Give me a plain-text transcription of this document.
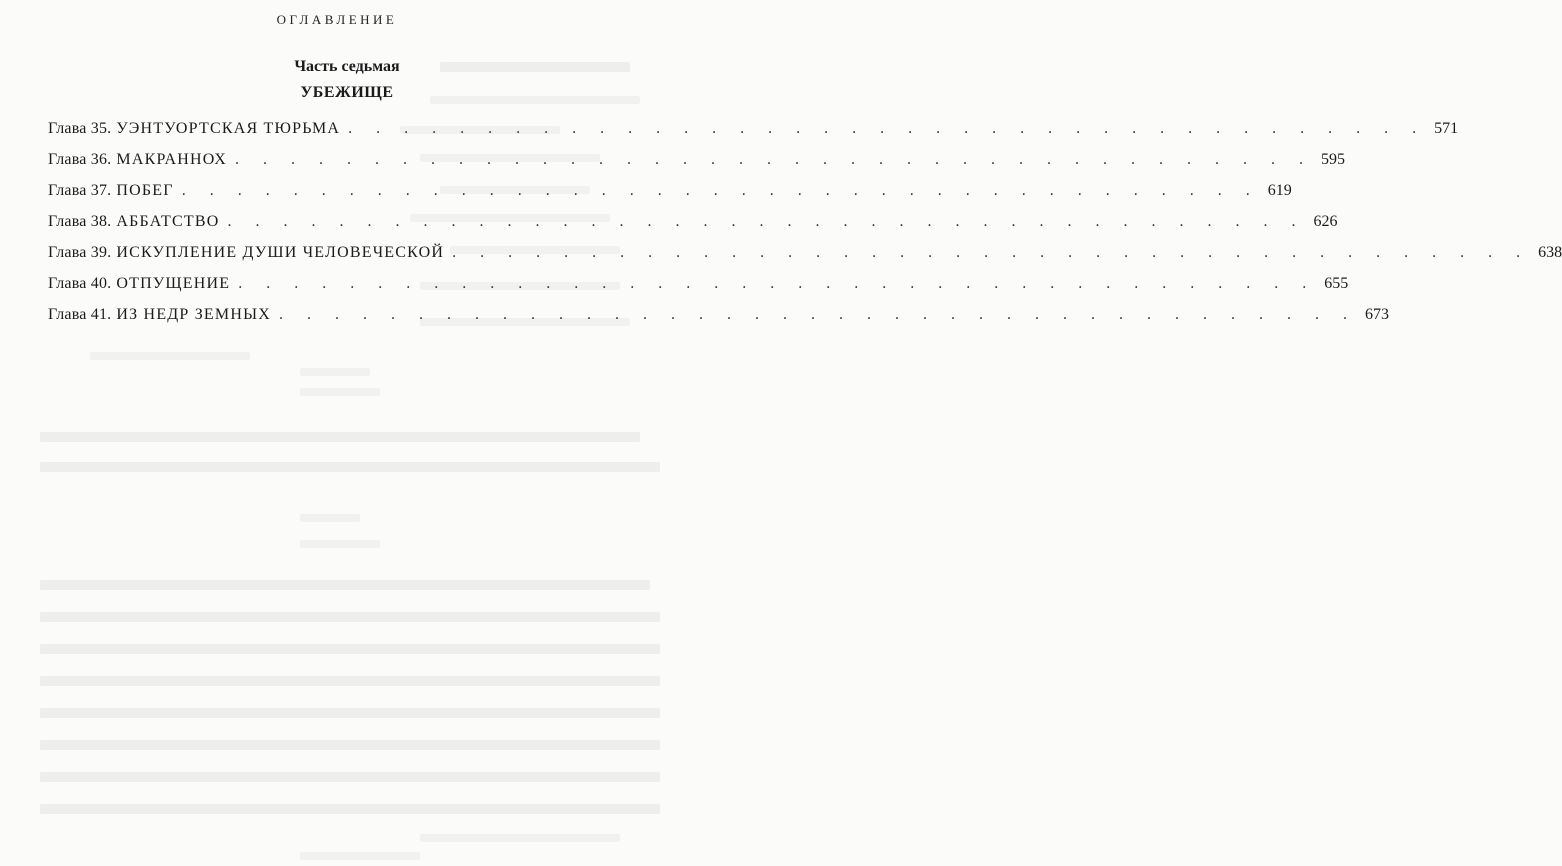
ОГЛАВЛЕНИЕ
Часть седьмая
УБЕЖИЩЕ
Глава 35. УЭНТУОРТСКАЯ ТЮРЬМА . . . . . . . . . . . . . . . . . . . . . . . . . . . . . . . . . . . . . . . 571
Глава 36. МАКРАННОХ . . . . . . . . . . . . . . . . . . . . . . . . . . . . . . . . . . . . . . . 595
Глава 37. ПОБЕГ . . . . . . . . . . . . . . . . . . . . . . . . . . . . . . . . . . . . . . . 619
Глава 38. АББАТСТВО . . . . . . . . . . . . . . . . . . . . . . . . . . . . . . . . . . . . . . . 626
Глава 39. ИСКУПЛЕНИЕ ДУШИ ЧЕЛОВЕЧЕСКОЙ . . . . . . . . . . . . . . . . . . . . . . . . . . . . . . . . . . . . . . . 638
Глава 40. ОТПУЩЕНИЕ . . . . . . . . . . . . . . . . . . . . . . . . . . . . . . . . . . . . . . . 655
Глава 41. ИЗ НЕДР ЗЕМНЫХ . . . . . . . . . . . . . . . . . . . . . . . . . . . . . . . . . . . . . . . 673
